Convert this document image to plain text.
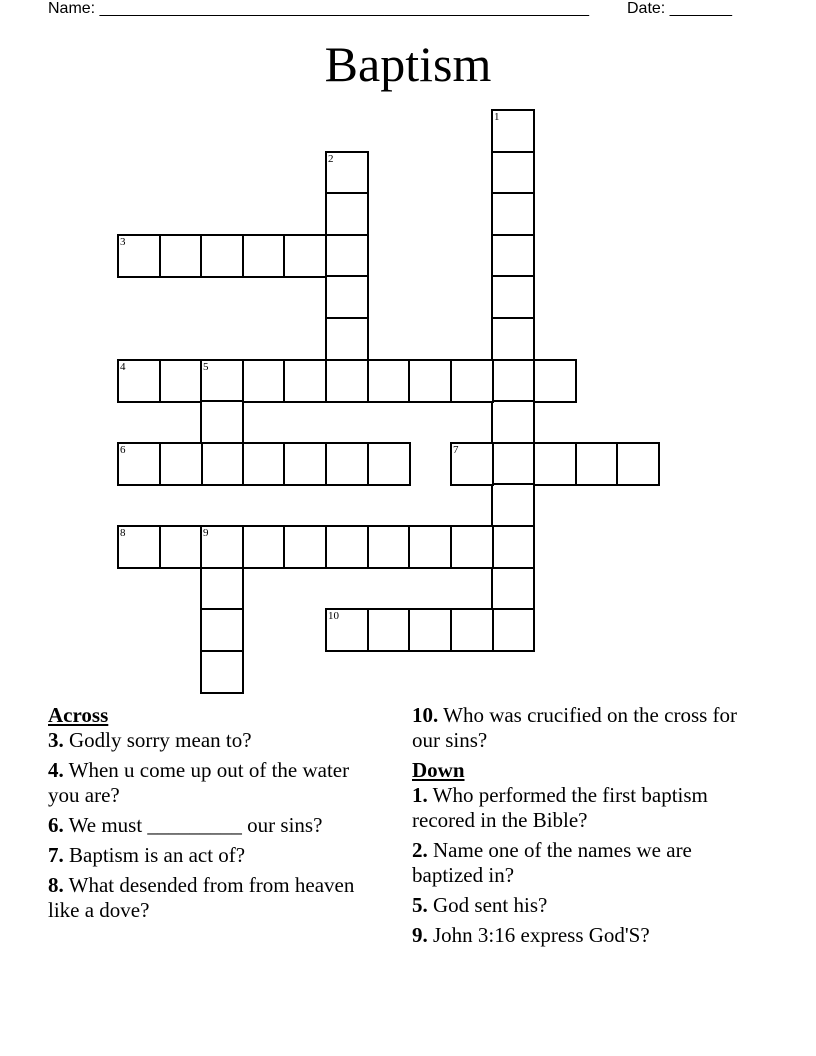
Name: _______________________________________________________ Date: _______
Baptism
1
2
3
4	5
6	7
8	9
10
Across
3. Godly sorry mean to?
4. When u come up out of the water you are?
6. We must _________ our sins?
7. Baptism is an act of?
8. What desended from from heaven like a dove?
10. Who was crucified on the cross for our sins?
Down
1. Who performed the first baptism recored in the Bible?
2. Name one of the names we are baptized in?
5. God sent his?
9. John 3:16 express God'S?
